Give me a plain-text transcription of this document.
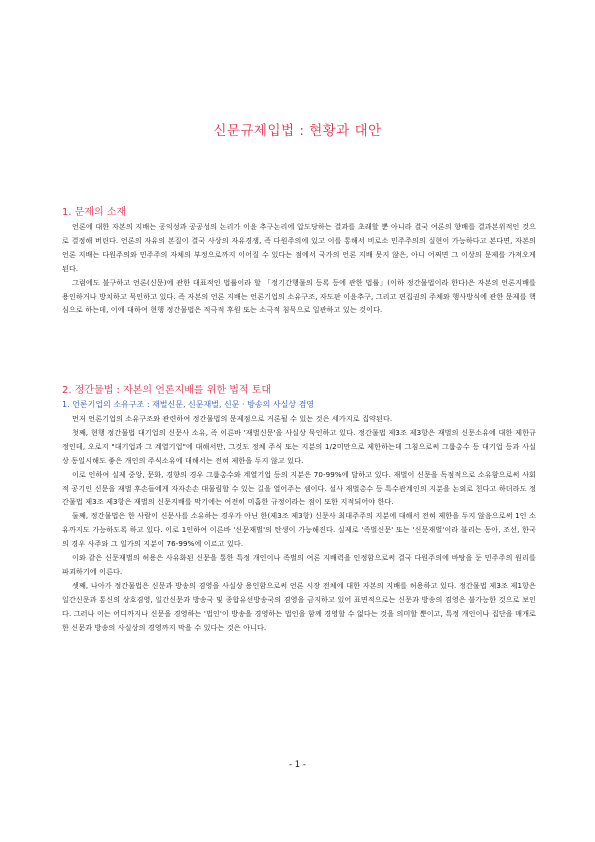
신문규제입법 : 현황과 대안

1. 문제의 소재

언론에 대한 자본의 지배는 공익성과 공공성의 논리가 이윤 추구논리에 압도당하는 결과를 초래할 뿐 아니라 결국 여론의 향배를 결과본위적인 것으로 결정해 버린다. 언론의 자유의 본질이 결국 사상의 자유경쟁, 즉 다원주의에 있고 이를 통해서 비로소 민주주의의 실현이 가능하다고 본다면, 자본의 언론 지배는 다원주의와 민주주의 자체의 부정으로까지 이어질 수 있다는 점에서 국가의 언론 지배 못지 않은, 아니 어쩌면 그 이상의 문제를 가져오게 된다.

그럼에도 불구하고 언론(신문)에 관한 대표적인 법률이라 할 「정기간행물의 등록 등에 관한 법률」(이하 정간물법이라 한다)은 자본의 언론지배를 용인하거나 방치하고 묵인하고 있다. 즉 자본의 언론 지배는 언론기업의 소유구조, 자도판 이윤추구, 그리고 편집권의 주체와 행사방식에 관한 문제를 핵심으로 하는데, 이에 대하여 현행 정간물법은 적극적 후원 또는 소극적 침묵으로 일관하고 있는 것이다.

2. 정간물법 : 자본의 언론지배를 위한 법적 토대

1. 언론기업의 소유구조 : 재벌신문, 신문재벌, 신문 · 방송의 사실상 겸영

먼저 언론기업의 소유구조와 관련하여 정간물법의 문제점으로 거론될 수 있는 것은 세가지로 집약된다.

첫째, 현행 정간물법 대기업의 신문사 소유, 즉 이른바 '재벌신문'을 사실상 묵인하고 있다. 정간물법 제3조 제3항은 재벌의 신문소유에 대한 제한규정인데, 오로지 "대기업과 그 계열기업"에 대해서만, 그것도 정체 주식 또는 지분의 1/2미만으로 제한하는데 그침으로써 그룹총수 등 대기업 등과 사실상 동일시해도 좋은 개인의 주식소유에 대해서는 전혀 제한을 두지 않고 있다.

이로 인하여 실제 중앙, 문화, 경향의 경우 그룹총수와 계열기업 등의 지분은 70-99%에 달하고 있다. 재벌이 신문을 독점적으로 소유함으로써 사회적 공기인 신문을 재벌 후손들에게 자자손손 대물림할 수 있는 길을 열어주는 셈이다. 설사 재벌총수 등 특수관계인의 지분을 논외로 친다고 하더라도 정간물법 제3조 제3항은 재벌의 신문지배를 막기에는 여전히 미흡한 규정이라는 점이 또한 지적되어야 한다.

둘째, 정간물법은 한 사람이 신문사를 소유하는 경우가 아닌 한(제3조 제3항) 신문사 최대주주의 지분에 대해서 전혀 제한을 두지 않음으로써 1인 소유까지도 가능하도록 하고 있다. 이로 1인하여 이른바 '신문재벌'의 탄생이 가능해진다. 실제로 '족벌신문' 또는 '신문재벌'이라 불리는 동아, 조선, 한국의 경우 사주와 그 일가의 지분이 76-99%에 이르고 있다.

이와 같은 신문재벌의 허용은 사유화된 신문을 통한 특정 개인이나 족벌의 여론 지배력을 인정함으로써 결국 다원주의에 바탕을 둔 민주주의 원리를 파괴하기에 이른다.

셋째, 나아가 정간물법은 신문과 방송의 겸영을 사실상 용인함으로써 언론 시장 전체에 대한 자본의 지배를 허용하고 있다. 정간물법 제3조 제1항은 일간신문과 통신의 상호겸영, 일간신문과 방송국 및 종합유선방송국의 겸영을 금지하고 있어 표면적으로는 신문과 방송의 겸영은 불가능한 것으로 보인다. 그러나 이는 어디까지나 신문을 경영하는 '법인'이 방송을 경영하는 법인을 함께 경영할 수 없다는 것을 의미할 뿐이고, 특정 개인이나 집단을 매개로 한 신문과 방송의 사실상의 경영까지 막을 수 있다는 것은 아니다.

- 1 -
